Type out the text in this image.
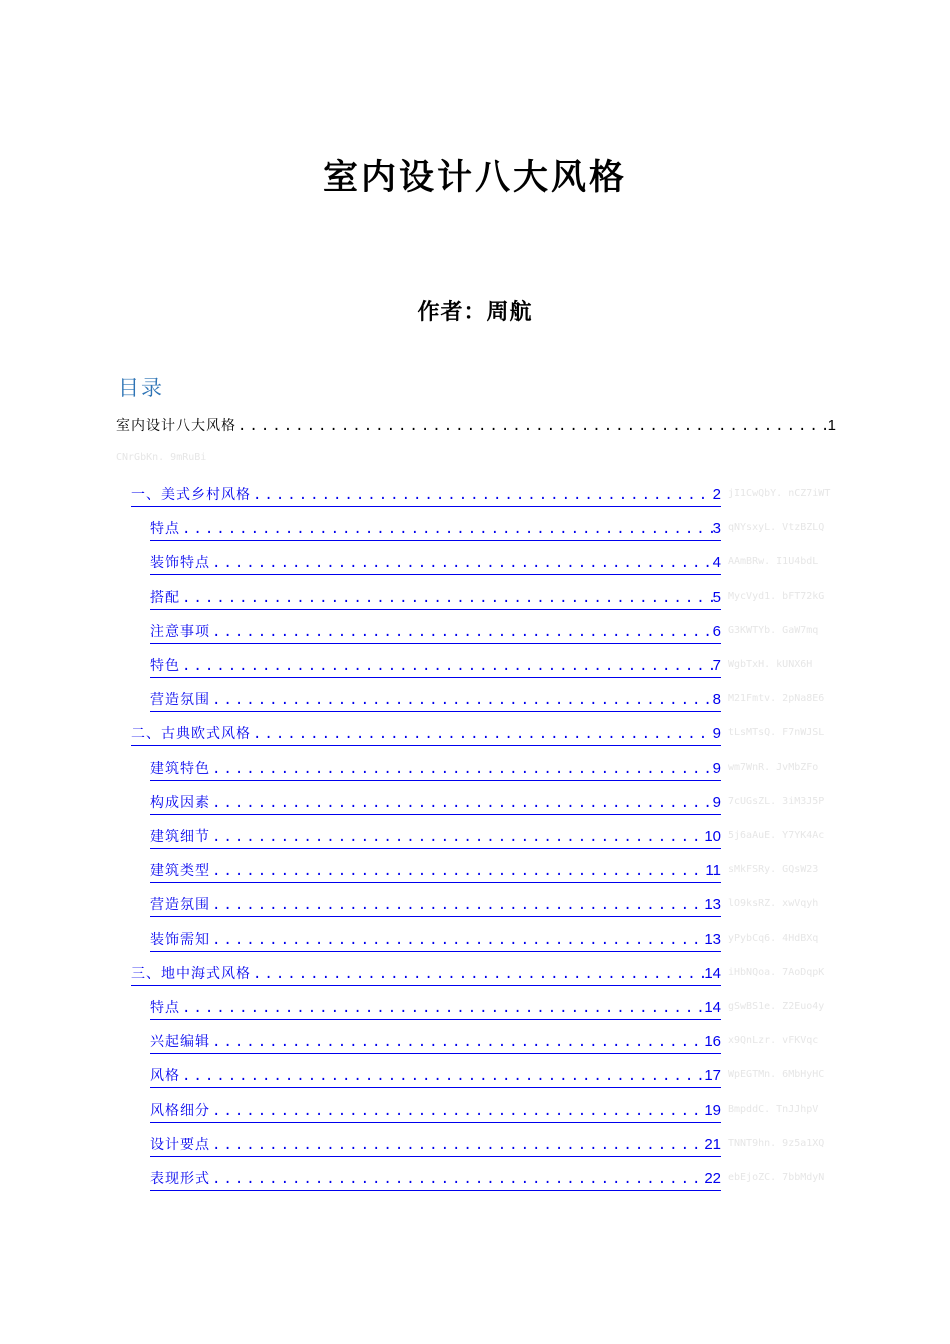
室内设计八大风格
作者：周航
目录
室内设计八大风格 .....	1
CNrGbKn. 9mRuBi
一、美式乡村风格 .....	2 jI1CwQbY. nCZ7iWT
特点 .....	3 qNYsxyL. VtzBZLQ
装饰特点 .....	4 AAmBRw. I1U4bdL
搭配 .....	5 MycVyd1. bFT72kG
注意事项 .....	6 G3KWTYb. GaW7mq
特色 .....	7 WgbTxH. kUNX6H
营造氛围 .....	8 M21Fmtv. 2pNa8E6
二、古典欧式风格 .....	9 tLsMTsQ. F7nWJSL
建筑特色 .....	9 wm7WnR. JvMbZFo
构成因素 .....	9 7cUGsZL. 3iM3J5P
建筑细节 .....	10 5j6aAuE. Y7YK4Ac
建筑类型 .....	11 sMkFSRy. GQsW23
营造氛围 .....	13 lO9ksRZ. xwVqyh
装饰需知 .....	13 yPybCq6. 4HdBXq
三、地中海式风格 .....	14 iHbNQoa. 7AoDqpK
特点 .....	14 gSwBS1e. Z2Euo4y
兴起编辑 .....	16 x9QnLzr. vFKVqc
风格 .....	17 WpEGTMn. 6MbHyHC
风格细分 .....	19 BmpddC. TnJJhpV
设计要点 .....	21 TNNT9hn. 9z5a1XQ
表现形式 .....	22 ebEjoZC. 7bbMdyN
